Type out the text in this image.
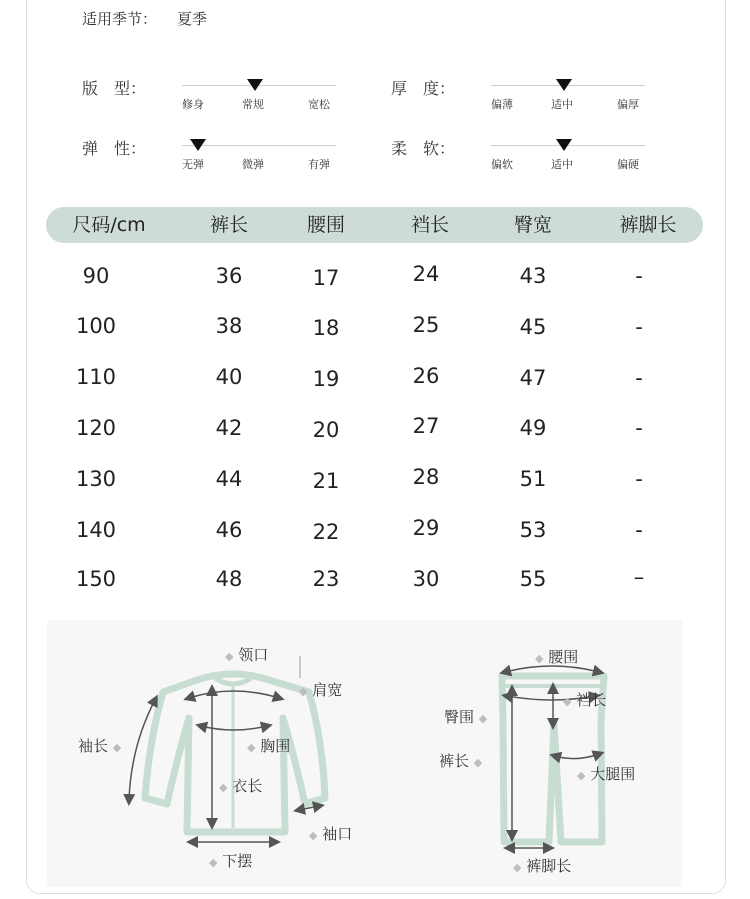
适用季节： 夏季
版　型：
修身	常规	宽松
厚　度：
偏薄	适中	偏厚
弹　性：
无弹	微弹	有弹
柔　软：
偏软	适中	偏硬
尺码/cm	裤长	腰围	裆长	臀宽	裤脚长
90	36	17	24	43	-
100	38	18	25	45	-
110	40	19	26	47	-
120	42	20	27	49	-
130	44	21	28	51	-
140	46	22	29	53	-
150	48	23	30	55	–
◆ 领口
◆ 肩宽
袖长 ◆	◆ 胸围
◆ 衣长
◆ 袖口
◆ 下摆
◆ 腰围
◆ 裆长
臀围 ◆
裤长 ◆
◆ 大腿围
◆ 裤脚长
